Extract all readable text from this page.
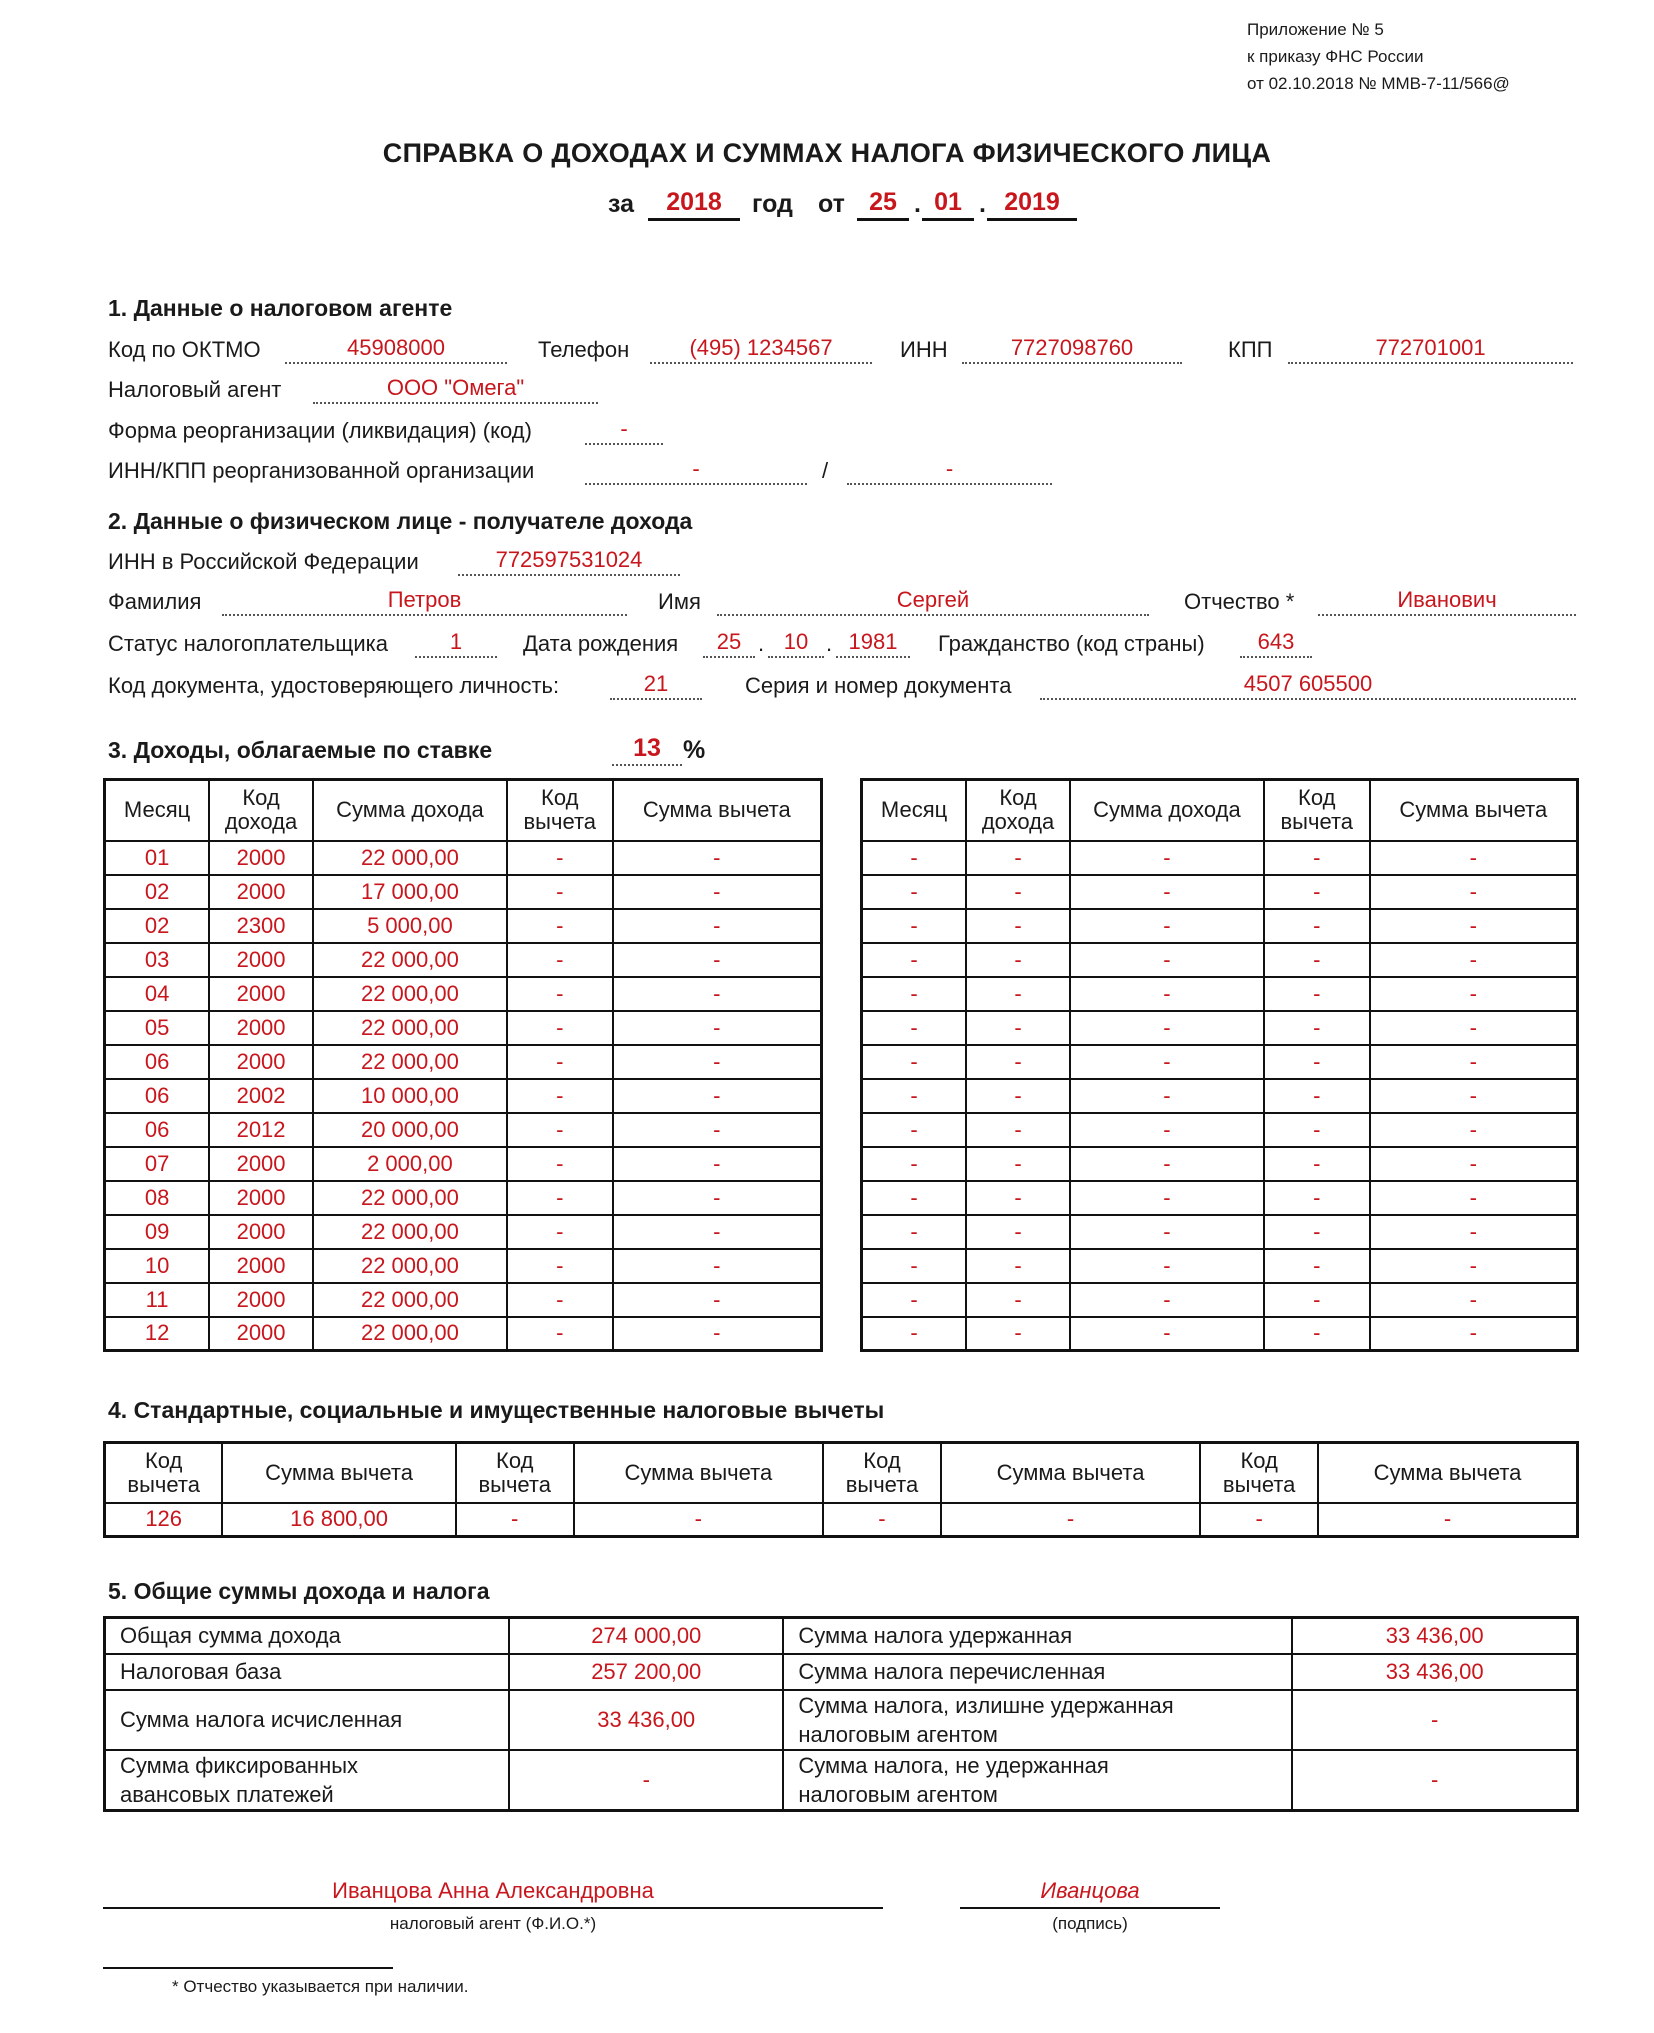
Приложение № 5
к приказу ФНС России
от 02.10.2018 № ММВ-7-11/566@
СПРАВКА О ДОХОДАХ И СУММАХ НАЛОГА ФИЗИЧЕСКОГО ЛИЦА
за	2018	год от 25 . 01 . 2019
1. Данные о налоговом агенте
Код по ОКТМО	45908000	Телефон	(495) 1234567	ИНН	7727098760	КПП	772701001
Налоговый агент	ООО "Омега"
Форма реорганизации (ликвидация) (код)	-
ИНН/КПП реорганизованной организации	-	/	-
2. Данные о физическом лице - получателе дохода
ИНН в Российской Федерации	772597531024
Фамилия	Петров	Имя	Сергей	Отчество *	Иванович
Статус налогоплательщика	1	Дата рождения	25 . 10 . 1981	Гражданство (код страны)	643
Код документа, удостоверяющего личность:	21	Серия и номер документа	4507 605500
3. Доходы, облагаемые по ставке	13 %
Месяц	Код дохода	Сумма дохода	Код вычета	Сумма вычета
01	2000	22 000,00	-	-
02	2000	17 000,00	-	-
02	2300	5 000,00	-	-
03	2000	22 000,00	-	-
04	2000	22 000,00	-	-
05	2000	22 000,00	-	-
06	2000	22 000,00	-	-
06	2002	10 000,00	-	-
06	2012	20 000,00	-	-
07	2000	2 000,00	-	-
08	2000	22 000,00	-	-
09	2000	22 000,00	-	-
10	2000	22 000,00	-	-
11	2000	22 000,00	-	-
12	2000	22 000,00	-	-
Месяц	Код дохода	Сумма дохода	Код вычета	Сумма вычета
-	-	-	-	-
-	-	-	-	-
-	-	-	-	-
-	-	-	-	-
-	-	-	-	-
-	-	-	-	-
-	-	-	-	-
-	-	-	-	-
-	-	-	-	-
-	-	-	-	-
-	-	-	-	-
-	-	-	-	-
-	-	-	-	-
-	-	-	-	-
-	-	-	-	-
4. Стандартные, социальные и имущественные налоговые вычеты
Код вычета	Сумма вычета	Код вычета	Сумма вычета	Код вычета	Сумма вычета	Код вычета	Сумма вычета
126	16 800,00	-	-	-	-	-	-
5. Общие суммы дохода и налога
Общая сумма дохода	274 000,00	Сумма налога удержанная	33 436,00
Налоговая база	257 200,00	Сумма налога перечисленная	33 436,00
Сумма налога исчисленная	33 436,00	Сумма налога, излишне удержанная налоговым агентом	-
Сумма фиксированных авансовых платежей	-	Сумма налога, не удержанная налоговым агентом	-
Иванцова Анна Александровна
налоговый агент (Ф.И.О.*)
Иванцова
(подпись)
* Отчество указывается при наличии.
